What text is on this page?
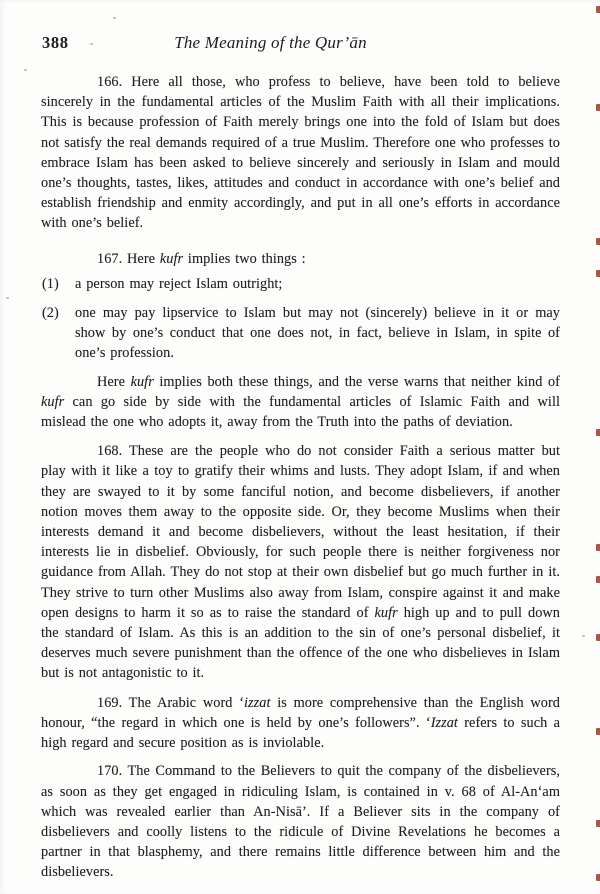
388	The Meaning of the Qur’ān

166. Here all those, who profess to believe, have been told to believe sincerely in the fundamental articles of the Muslim Faith with all their implications. This is because profession of Faith merely brings one into the fold of Islam but does not satisfy the real demands required of a true Muslim. Therefore one who professes to embrace Islam has been asked to believe sincerely and seriously in Islam and mould one’s thoughts, tastes, likes, attitudes and conduct in accordance with one’s belief and establish friendship and enmity accordingly, and put in all one’s efforts in accordance with one’s belief.

167. Here kufr implies two things :

(1) a person may reject Islam outright;
(2) one may pay lipservice to Islam but may not (sincerely) believe in it or may show by one’s conduct that one does not, in fact, believe in Islam, in spite of one’s profession.

Here kufr implies both these things, and the verse warns that neither kind of kufr can go side by side with the fundamental articles of Islamic Faith and will mislead the one who adopts it, away from the Truth into the paths of deviation.

168. These are the people who do not consider Faith a serious matter but play with it like a toy to gratify their whims and lusts. They adopt Islam, if and when they are swayed to it by some fanciful notion, and become disbelievers, if another notion moves them away to the opposite side. Or, they become Muslims when their interests demand it and become disbelievers, without the least hesitation, if their interests lie in disbelief. Obviously, for such people there is neither forgiveness nor guidance from Allah. They do not stop at their own disbelief but go much further in it. They strive to turn other Muslims also away from Islam, conspire against it and make open designs to harm it so as to raise the standard of kufr high up and to pull down the standard of Islam. As this is an addition to the sin of one’s personal disbelief, it deserves much severe punishment than the offence of the one who disbelieves in Islam but is not antagonistic to it.

169. The Arabic word ‘izzat is more comprehensive than the English word honour, “the regard in which one is held by one’s followers”. ‘Izzat refers to such a high regard and secure position as is inviolable.

170. The Command to the Believers to quit the company of the disbelievers, as soon as they get engaged in ridiculing Islam, is contained in v. 68 of Al-An‘am which was revealed earlier than An-Nisā’. If a Believer sits in the company of disbelievers and coolly listens to the ridicule of Divine Revelations he becomes a partner in that blasphemy, and there remains little difference between him and the disbelievers.
